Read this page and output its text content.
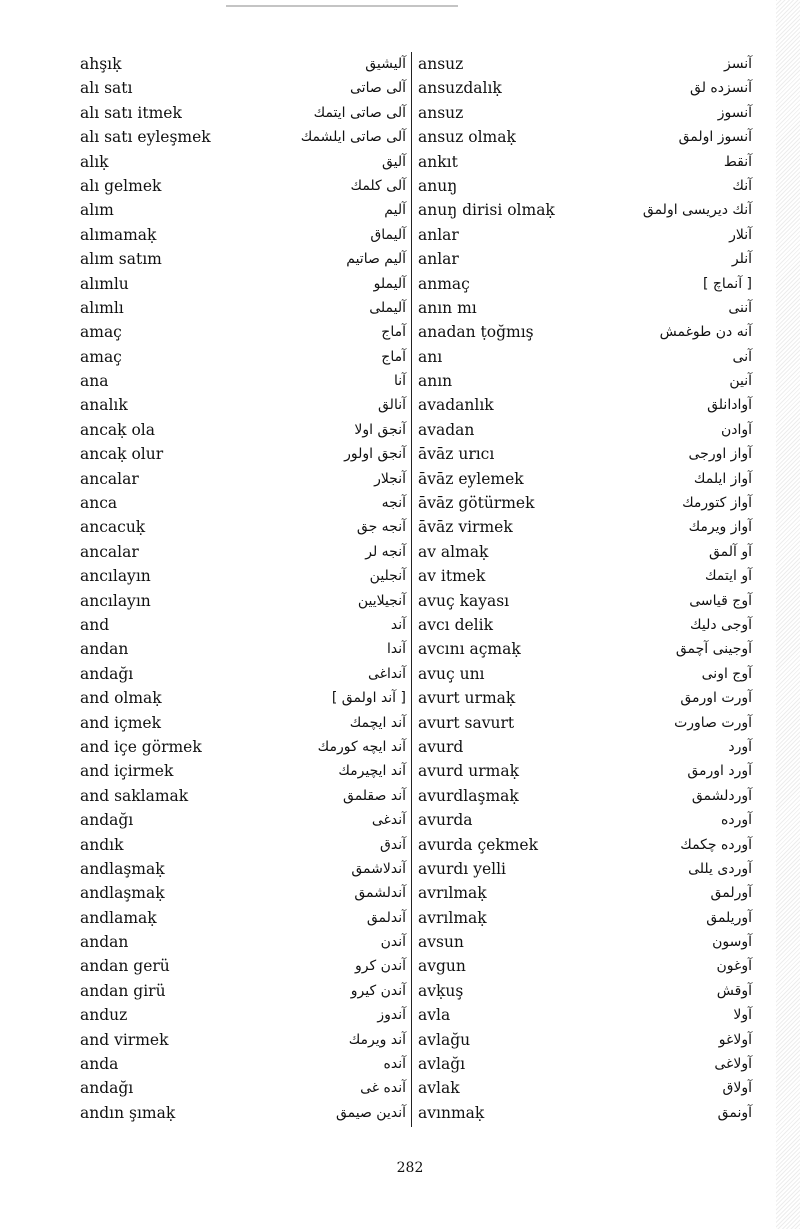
ahşıḳ	آليشيق
alı satı	آلى صاتى
alı satı itmek	آلى صاتى ايتمك
alı satı eyleşmek	آلى صاتى ايلشمك
alıḳ	آليق
alı gelmek	آلى كلمك
alım	آليم
alımamaḳ	آليماق
alım satım	آليم صاتيم
alımlu	آليملو
alımlı	آليملى
amaç	آماج
amaç	آماج
ana	آنا
analık	آنالق
ancaḳ ola	آنجق اولا
ancaḳ olur	آنجق اولور
ancalar	آنجلار
anca	آنجه
ancacuḳ	آنجه جق
ancalar	آنجه لر
ancılayın	آنجلين
ancılayın	آنجيلايين
and	آند
andan	آندا
andağı	آنداغى
and olmaḳ	[ آند اولمق ]
and içmek	آند ايچمك
and içe görmek	آند ايچه كورمك
and içirmek	آند ايچيرمك
and saklamak	آند صقلمق
andağı	آندغى
andık	آندق
andlaşmaḳ	آندلاشمق
andlaşmaḳ	آندلشمق
andlamaḳ	آندلمق
andan	آندن
andan gerü	آندن كرو
andan girü	آندن كيرو
anduz	آندوز
and virmek	آند ويرمك
anda	آنده
andağı	آنده غى
andın şımaḳ	آندين صيمق
ansuz	آنسز
ansuzdalıḳ	آنسزده لق
ansuz	آنسوز
ansuz olmaḳ	آنسوز اولمق
ankıt	آنقط
anuŋ	آنك
anuŋ dirisi olmaḳ	آنك ديريسى اولمق
anlar	آنلار
anlar	آنلر
anmaç	[ آنماچ ]
anın mı	آننى
anadan ṭoğmış	آنه دن طوغمش
anı	آنى
anın	آنين
avadanlık	آوادانلق
avadan	آوادن
āvāz urıcı	آواز اورجى
āvāz eylemek	آواز ايلمك
āvāz götürmek	آواز كتورمك
āvāz virmek	آواز ويرمك
av almaḳ	آو آلمق
av itmek	آو ايتمك
avuç kayası	آوج قياسى
avcı delik	آوجى دليك
avcını açmaḳ	آوجينى آچمق
avuç unı	آوج اونى
avurt urmaḳ	آورت اورمق
avurt savurt	آورت صاورت
avurd	آورد
avurd urmaḳ	آورد اورمق
avurdlaşmaḳ	آوردلشمق
avurda	آورده
avurda çekmek	آورده چكمك
avurdı yelli	آوردى يللى
avrılmaḳ	آورلمق
avrılmaḳ	آوريلمق
avsun	آوسون
avgun	آوغون
avḳuş	آوقش
avla	آولا
avlağu	آولاغو
avlağı	آولاغى
avlak	آولاق
avınmaḳ	آونمق
282
